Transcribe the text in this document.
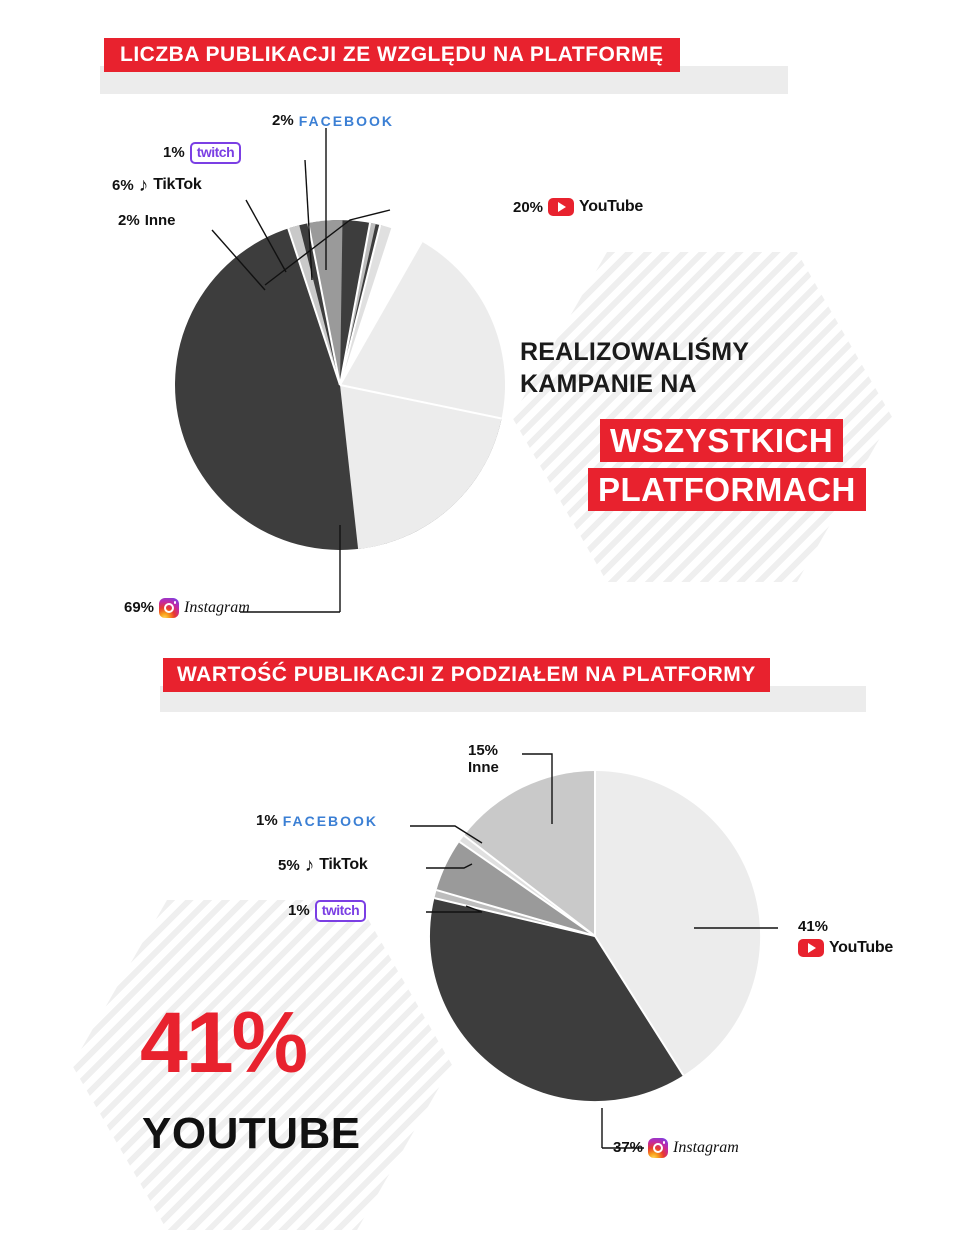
LICZBA PUBLIKACJI ZE WZGLĘDU NA PLATFORMĘ
2% FACEBOOK
1% twitch
6% ♪ TikTok
2% Inne
20% YouTube
69% Instagram
REALIZOWALIŚMY
KAMPANIE NA
WSZYSTKICH
PLATFORMACH
WARTOŚĆ PUBLIKACJI Z PODZIAŁEM NA PLATFORMY
15%
Inne
1% FACEBOOK
5% ♪ TikTok
1% twitch
41%
YouTube
37% Instagram
41%
YOUTUBE
